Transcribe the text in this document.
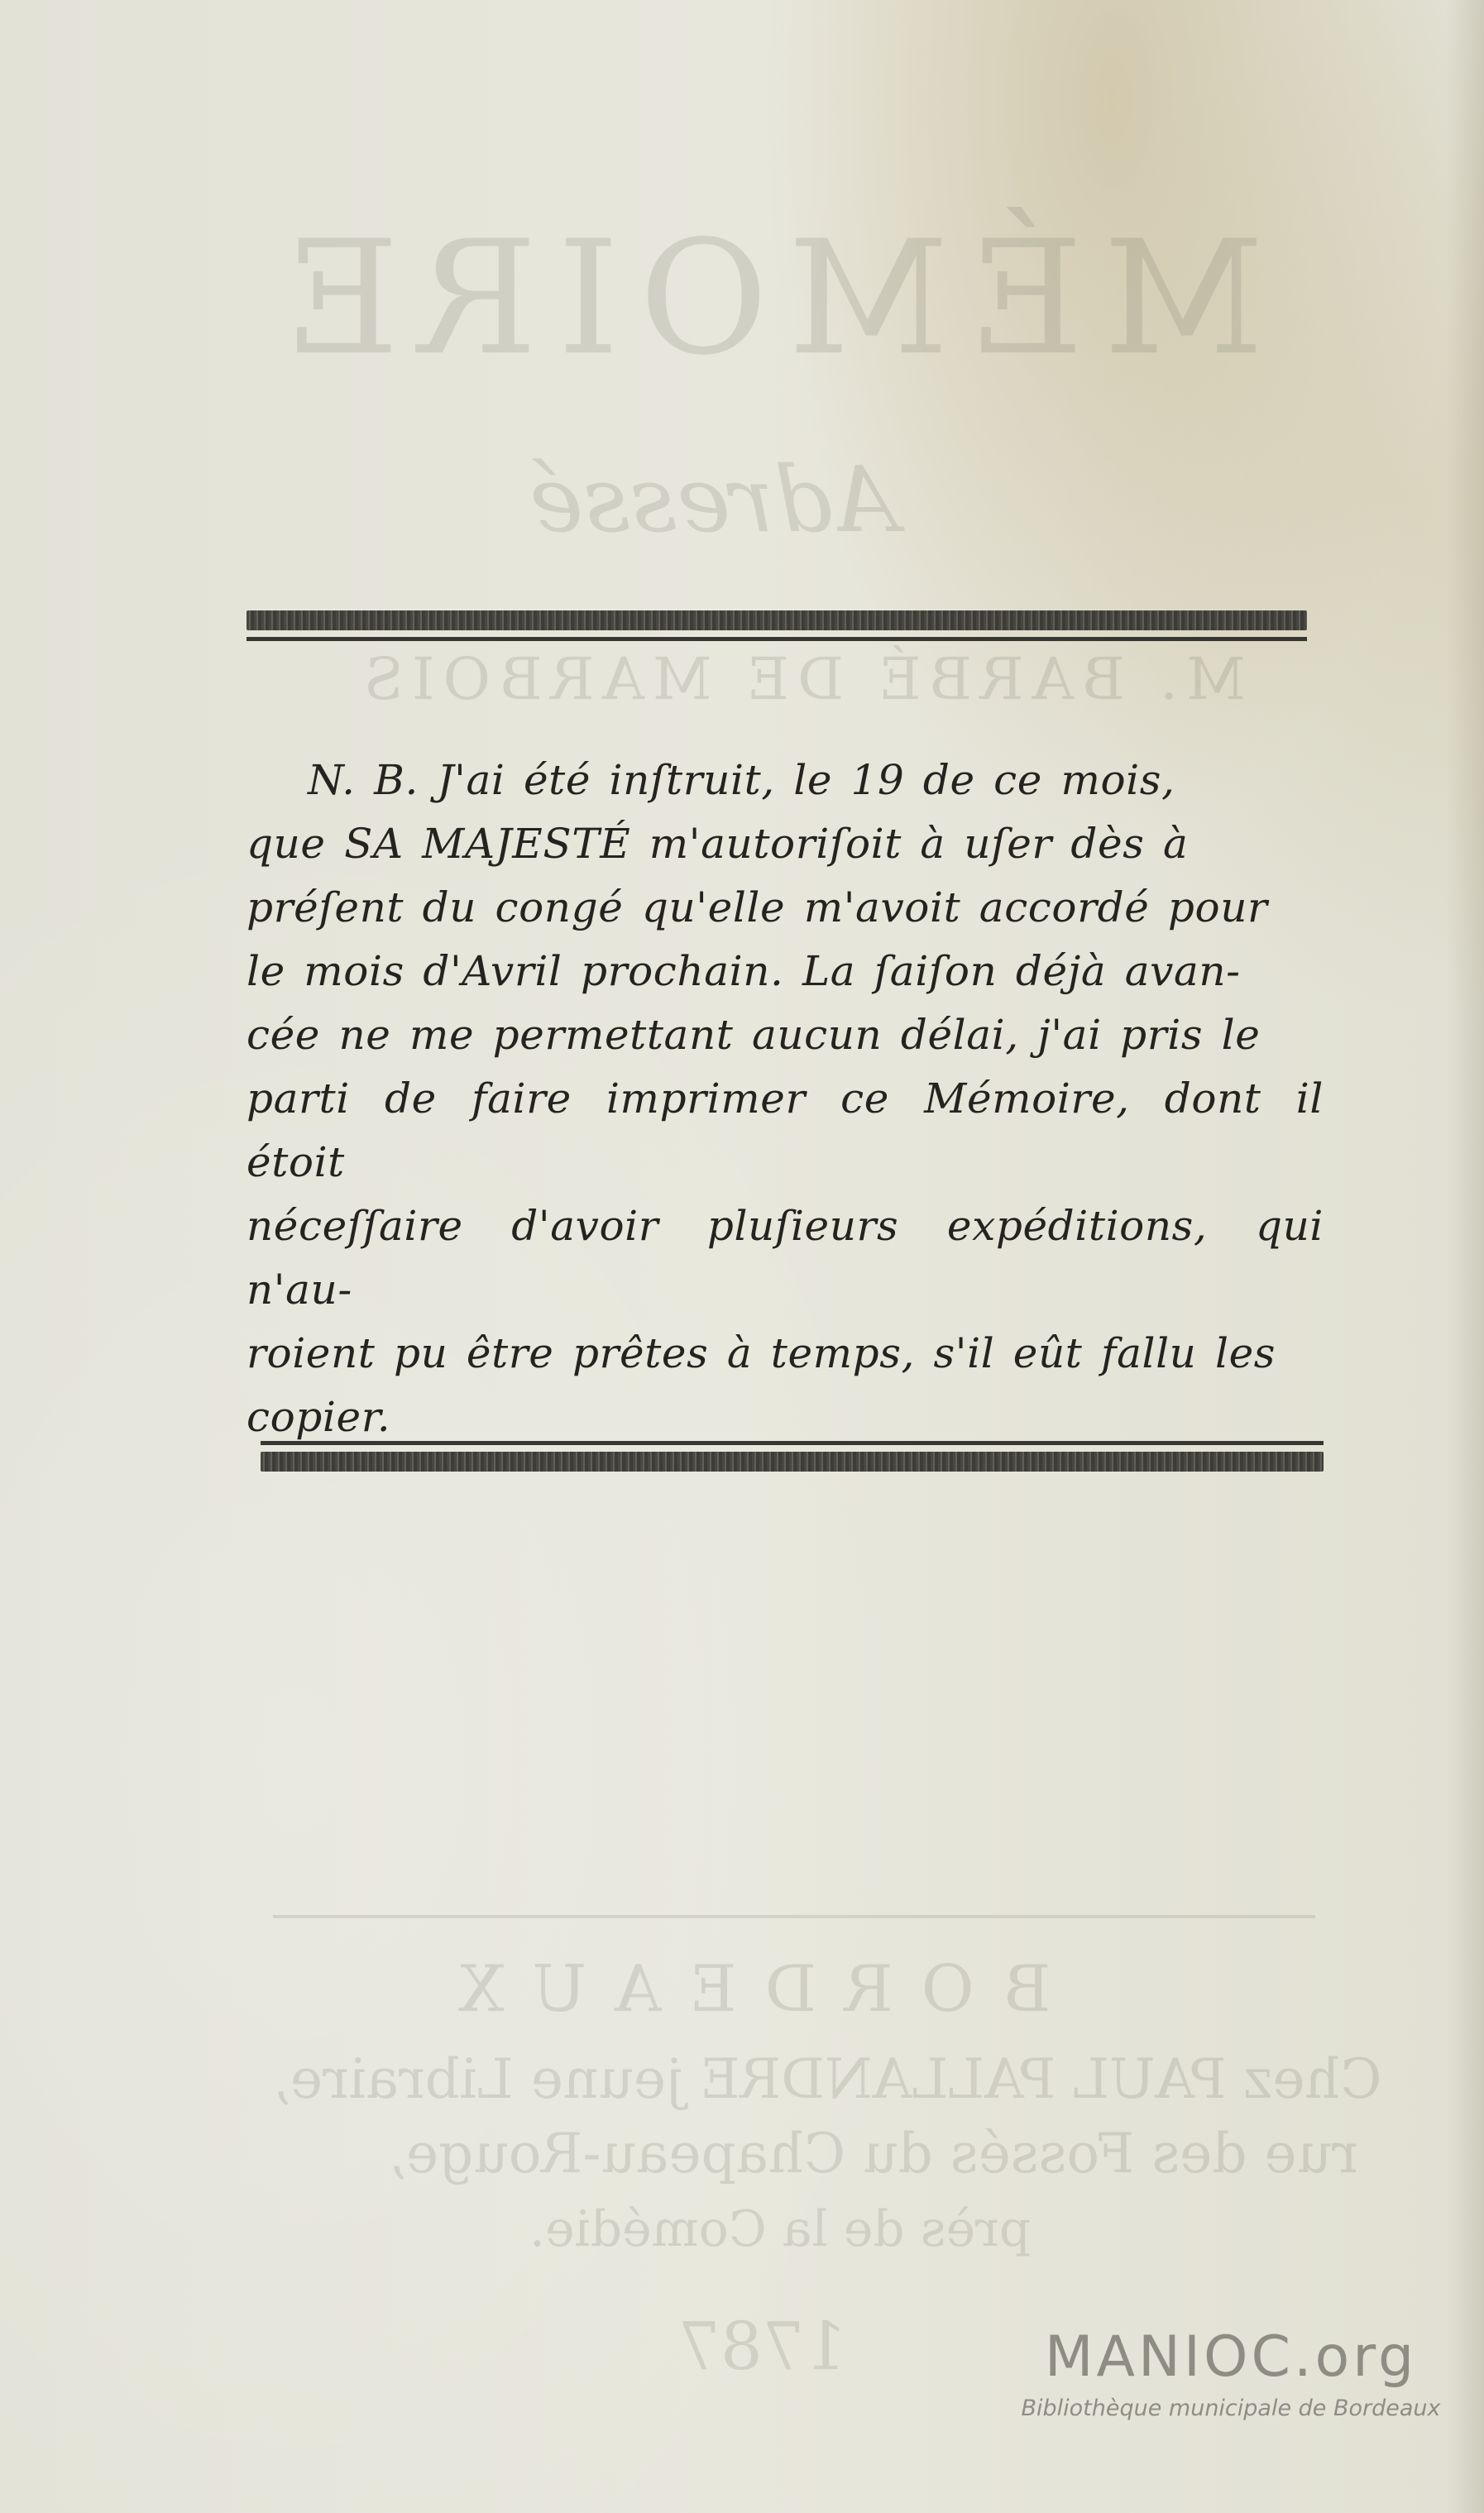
MÉMOIRE
Adressé
M. BARBÉ DE MARBOIS
BORDEAUX
Chez PAUL PALLANDRE jeune Libraire,
rue des Fossés du Chapeau-Rouge,
près de la Comédie.
1787
N. B. J'ai été inſtruit, le 19 de ce mois,
que SA MAJESTÉ m'autoriſoit à uſer dès à
préſent du congé qu'elle m'avoit accordé pour
le mois d'Avril prochain. La ſaiſon déjà avan-
cée ne me permettant aucun délai, j'ai pris le
parti de faire imprimer ce Mémoire, dont il étoit
néceſſaire d'avoir pluſieurs expéditions, qui n'au-
roient pu être prêtes à temps, s'il eût fallu les
copier.
MANIOC.org
Bibliothèque municipale de Bordeaux
